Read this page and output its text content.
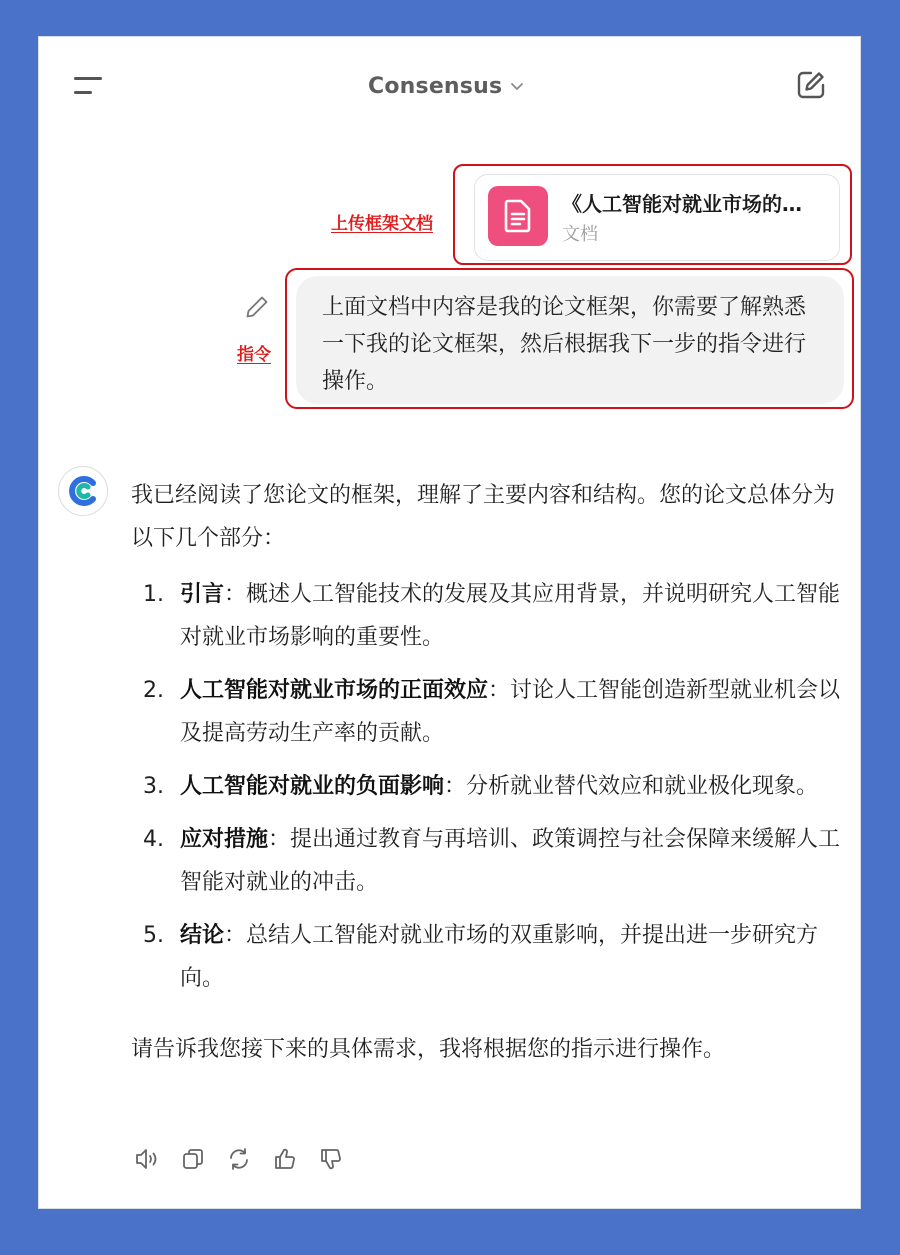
Consensus
上传框架文档
《人工智能对就业市场的…
文档
指令
上面文档中内容是我的论文框架，你需要了解熟悉一下我的论文框架，然后根据我下一步的指令进行操作。

我已经阅读了您论文的框架，理解了主要内容和结构。您的论文总体分为以下几个部分：

1. 引言：概述人工智能技术的发展及其应用背景，并说明研究人工智能对就业市场影响的重要性。
2. 人工智能对就业市场的正面效应：讨论人工智能创造新型就业机会以及提高劳动生产率的贡献。
3. 人工智能对就业的负面影响：分析就业替代效应和就业极化现象。
4. 应对措施：提出通过教育与再培训、政策调控与社会保障来缓解人工智能对就业的冲击。
5. 结论：总结人工智能对就业市场的双重影响，并提出进一步研究方向。

请告诉我您接下来的具体需求，我将根据您的指示进行操作。
